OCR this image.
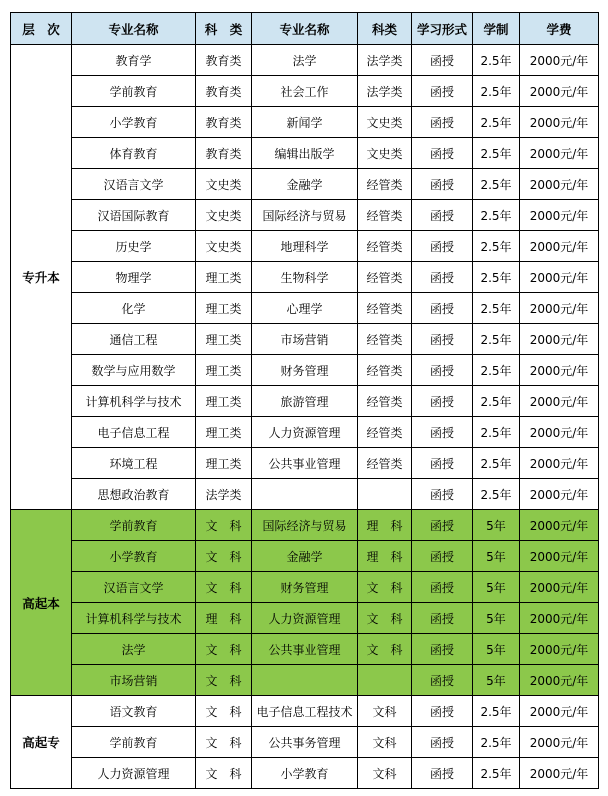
层　次	专业名称	科　类	专业名称	科类	学习形式	学制	学费
专升本	教育学	教育类	法学	法学类	函授	2.5年	2000元/年
	学前教育	教育类	社会工作	法学类	函授	2.5年	2000元/年
	小学教育	教育类	新闻学	文史类	函授	2.5年	2000元/年
	体育教育	教育类	编辑出版学	文史类	函授	2.5年	2000元/年
	汉语言文学	文史类	金融学	经管类	函授	2.5年	2000元/年
	汉语国际教育	文史类	国际经济与贸易	经管类	函授	2.5年	2000元/年
	历史学	文史类	地理科学	经管类	函授	2.5年	2000元/年
	物理学	理工类	生物科学	经管类	函授	2.5年	2000元/年
	化学	理工类	心理学	经管类	函授	2.5年	2000元/年
	通信工程	理工类	市场营销	经管类	函授	2.5年	2000元/年
	数学与应用数学	理工类	财务管理	经管类	函授	2.5年	2000元/年
	计算机科学与技术	理工类	旅游管理	经管类	函授	2.5年	2000元/年
	电子信息工程	理工类	人力资源管理	经管类	函授	2.5年	2000元/年
	环境工程	理工类	公共事业管理	经管类	函授	2.5年	2000元/年
	思想政治教育	法学类			函授	2.5年	2000元/年
高起本	学前教育	文　科	国际经济与贸易	理　科	函授	5年	2000元/年
	小学教育	文　科	金融学	理　科	函授	5年	2000元/年
	汉语言文学	文　科	财务管理	文　科	函授	5年	2000元/年
	计算机科学与技术	理　科	人力资源管理	文　科	函授	5年	2000元/年
	法学	文　科	公共事业管理	文　科	函授	5年	2000元/年
	市场营销	文　科			函授	5年	2000元/年
高起专	语文教育	文　科	电子信息工程技术	文科	函授	2.5年	2000元/年
	学前教育	文　科	公共事务管理	文科	函授	2.5年	2000元/年
	人力资源管理	文　科	小学教育	文科	函授	2.5年	2000元/年
